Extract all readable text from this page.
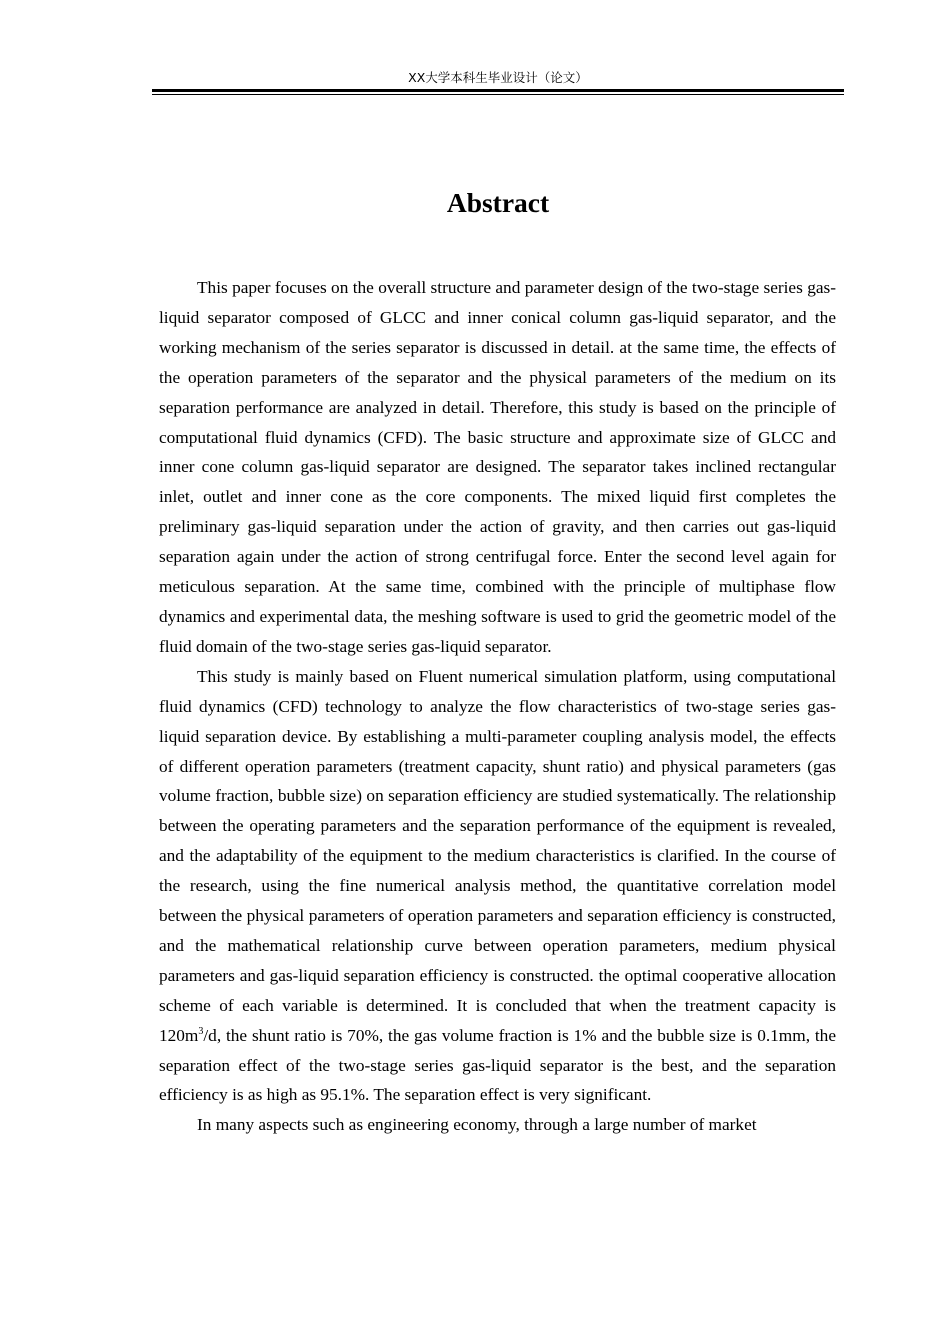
XX大学本科生毕业设计（论文）
Abstract

This paper focuses on the overall structure and parameter design of the two-stage series gas-liquid separator composed of GLCC and inner conical column gas-liquid separator, and the working mechanism of the series separator is discussed in detail. at the same time, the effects of the operation parameters of the separator and the physical parameters of the medium on its separation performance are analyzed in detail. Therefore, this study is based on the principle of computational fluid dynamics (CFD). The basic structure and approximate size of GLCC and inner cone column gas-liquid separator are designed. The separator takes inclined rectangular inlet, outlet and inner cone as the core components. The mixed liquid first completes the preliminary gas-liquid separation under the action of gravity, and then carries out gas-liquid separation again under the action of strong centrifugal force. Enter the second level again for meticulous separation. At the same time, combined with the principle of multiphase flow dynamics and experimental data, the meshing software is used to grid the geometric model of the fluid domain of the two-stage series gas-liquid separator.

This study is mainly based on Fluent numerical simulation platform, using computational fluid dynamics (CFD) technology to analyze the flow characteristics of two-stage series gas-liquid separation device. By establishing a multi-parameter coupling analysis model, the effects of different operation parameters (treatment capacity, shunt ratio) and physical parameters (gas volume fraction, bubble size) on separation efficiency are studied systematically. The relationship between the operating parameters and the separation performance of the equipment is revealed, and the adaptability of the equipment to the medium characteristics is clarified. In the course of the research, using the fine numerical analysis method, the quantitative correlation model between the physical parameters of operation parameters and separation efficiency is constructed, and the mathematical relationship curve between operation parameters, medium physical parameters and gas-liquid separation efficiency is constructed. the optimal cooperative allocation scheme of each variable is determined. It is concluded that when the treatment capacity is $120m^3/d$, the shunt ratio is 70%, the gas volume fraction is 1% and the bubble size is 0.1mm, the separation effect of the two-stage series gas-liquid separator is the best, and the separation efficiency is as high as 95.1%. The separation effect is very significant.

In many aspects such as engineering economy, through a large number of market
